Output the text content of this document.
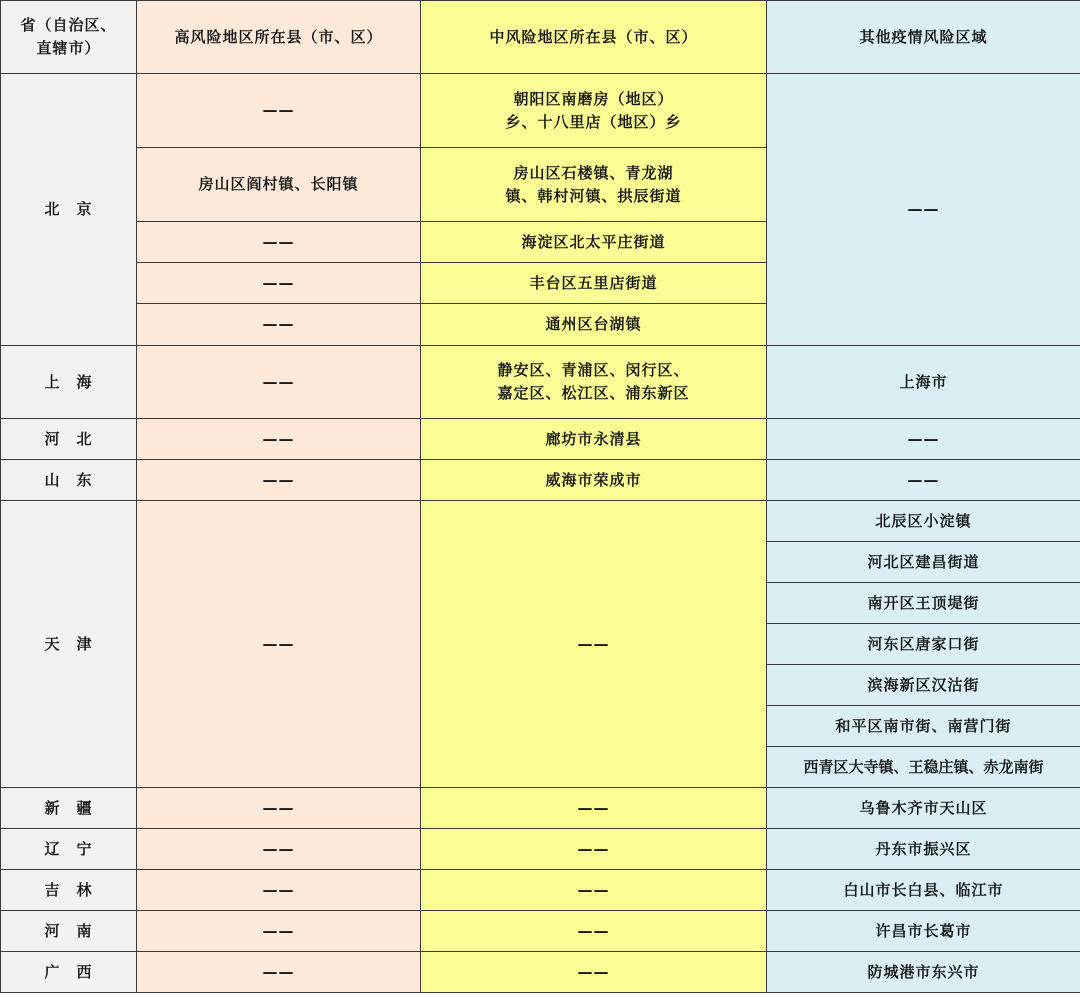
省（自治区、
直辖市）	高风险地区所在县（市、区）	中风险地区所在县（市、区）	其他疫情风险区域
北　京	——	朝阳区南磨房（地区）
乡、十八里店（地区）乡	——
	房山区阎村镇、长阳镇	房山区石楼镇、青龙湖
镇、韩村河镇、拱辰街道	

	——	海淀区北太平庄街道	
	——	丰台区五里店街道	
	——	通州区台湖镇	
上　海	——	静安区、青浦区、闵行区、
嘉定区、松江区、浦东新区	上海市
河　北	——	廊坊市永清县	——
山　东	——	威海市荣成市	——
天　津	——	——	北辰区小淀镇
			河北区建昌街道
			南开区王顶堤街
			河东区唐家口街
			滨海新区汉沽街
			和平区南市街、南营门街
			西青区大寺镇、王稳庄镇、赤龙南街
新　疆	——	——	乌鲁木齐市天山区
辽　宁	——	——	丹东市振兴区
吉　林	——	——	白山市长白县、临江市
河　南	——	——	许昌市长葛市
广　西	——	——	防城港市东兴市
